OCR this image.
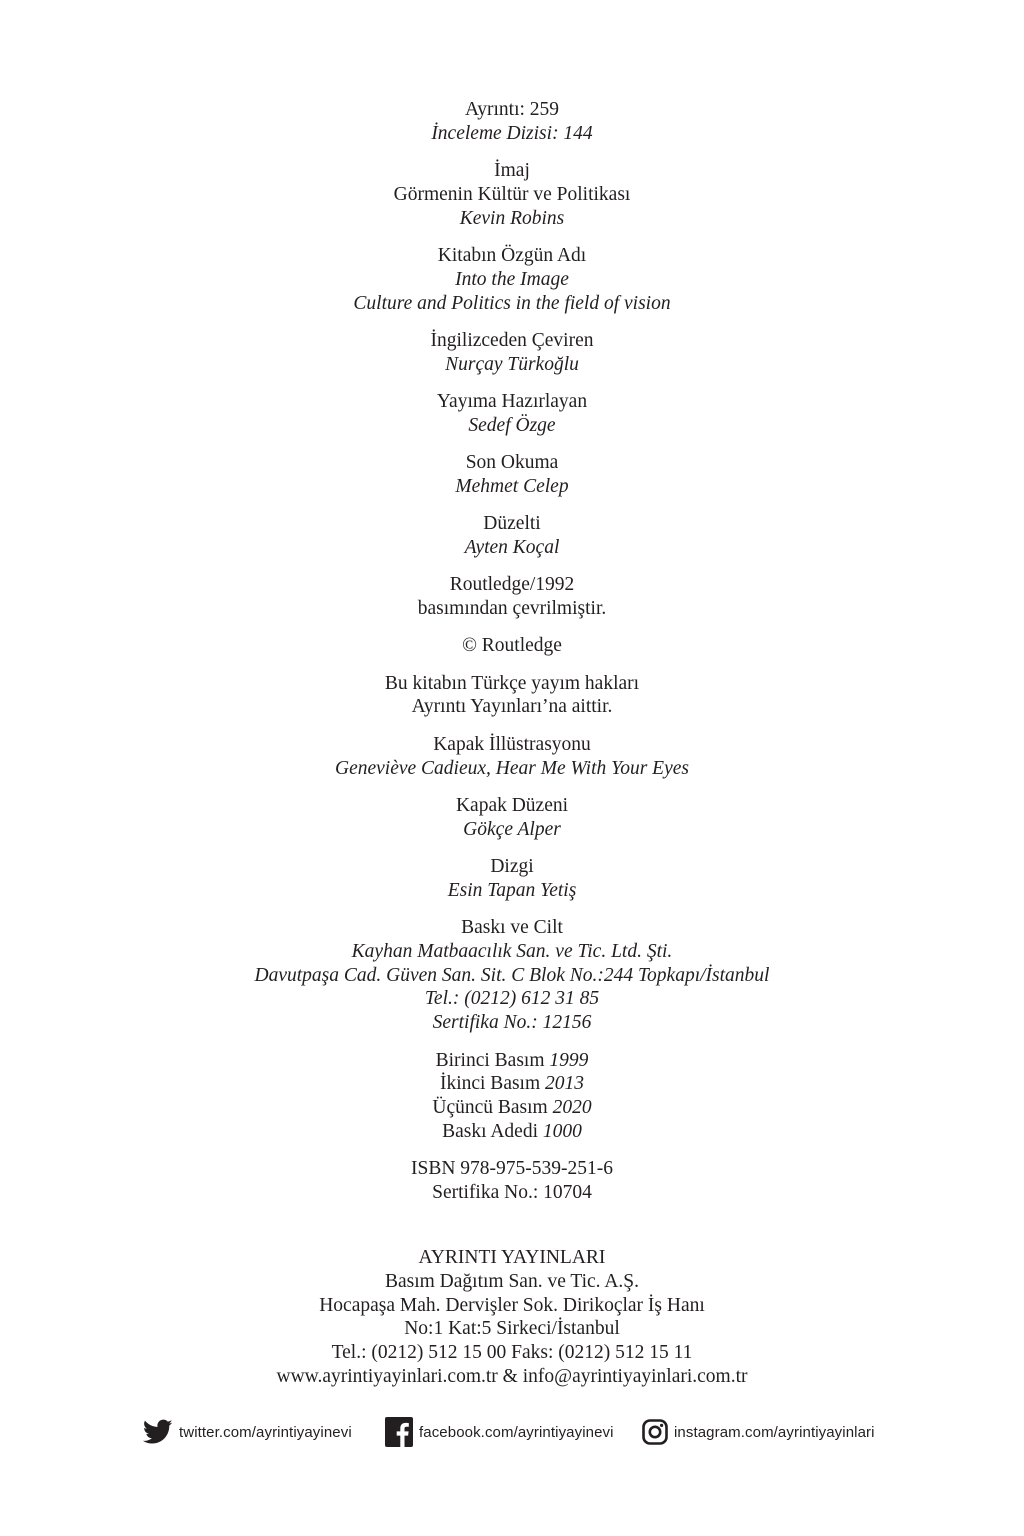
Ayrıntı: 259
İnceleme Dizisi: 144
İmaj
Görmenin Kültür ve Politikası
Kevin Robins
Kitabın Özgün Adı
Into the Image
Culture and Politics in the field of vision
İngilizceden Çeviren
Nurçay Türkoğlu
Yayıma Hazırlayan
Sedef Özge
Son Okuma
Mehmet Celep
Düzelti
Ayten Koçal
Routledge/1992
basımından çevrilmiştir.
© Routledge
Bu kitabın Türkçe yayım hakları
Ayrıntı Yayınları’na aittir.
Kapak İllüstrasyonu
Geneviève Cadieux, Hear Me With Your Eyes
Kapak Düzeni
Gökçe Alper
Dizgi
Esin Tapan Yetiş
Baskı ve Cilt
Kayhan Matbaacılık San. ve Tic. Ltd. Şti.
Davutpaşa Cad. Güven San. Sit. C Blok No.:244 Topkapı/İstanbul
Tel.: (0212) 612 31 85
Sertifika No.: 12156
Birinci Basım 1999
İkinci Basım 2013
Üçüncü Basım 2020
Baskı Adedi 1000
ISBN 978-975-539-251-6
Sertifika No.: 10704
AYRINTI YAYINLARI
Basım Dağıtım San. ve Tic. A.Ş.
Hocapaşa Mah. Dervişler Sok. Dirikoçlar İş Hanı
No:1 Kat:5 Sirkeci/İstanbul
Tel.: (0212) 512 15 00 Faks: (0212) 512 15 11
www.ayrintiyayinlari.com.tr & info@ayrintiyayinlari.com.tr
twitter.com/ayrintiyayinevi	facebook.com/ayrintiyayinevi	instagram.com/ayrintiyayinlari
